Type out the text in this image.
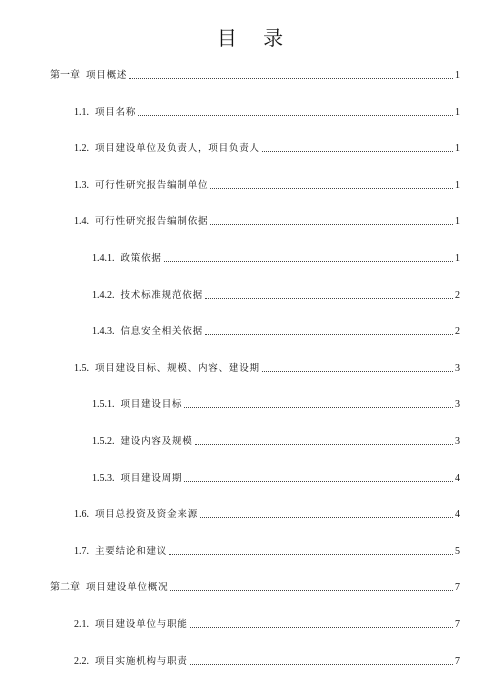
目 录
第一章 项目概述	1
1.1. 项目名称	1
1.2. 项目建设单位及负责人，项目负责人	1
1.3. 可行性研究报告编制单位	1
1.4. 可行性研究报告编制依据	1
1.4.1. 政策依据	1
1.4.2. 技术标准规范依据	2
1.4.3. 信息安全相关依据	2
1.5. 项目建设目标、规模、内容、建设期	3
1.5.1. 项目建设目标	3
1.5.2. 建设内容及规模	3
1.5.3. 项目建设周期	4
1.6. 项目总投资及资金来源	4
1.7. 主要结论和建议	5
第二章 项目建设单位概况	7
2.1. 项目建设单位与职能	7
2.2. 项目实施机构与职责	7
